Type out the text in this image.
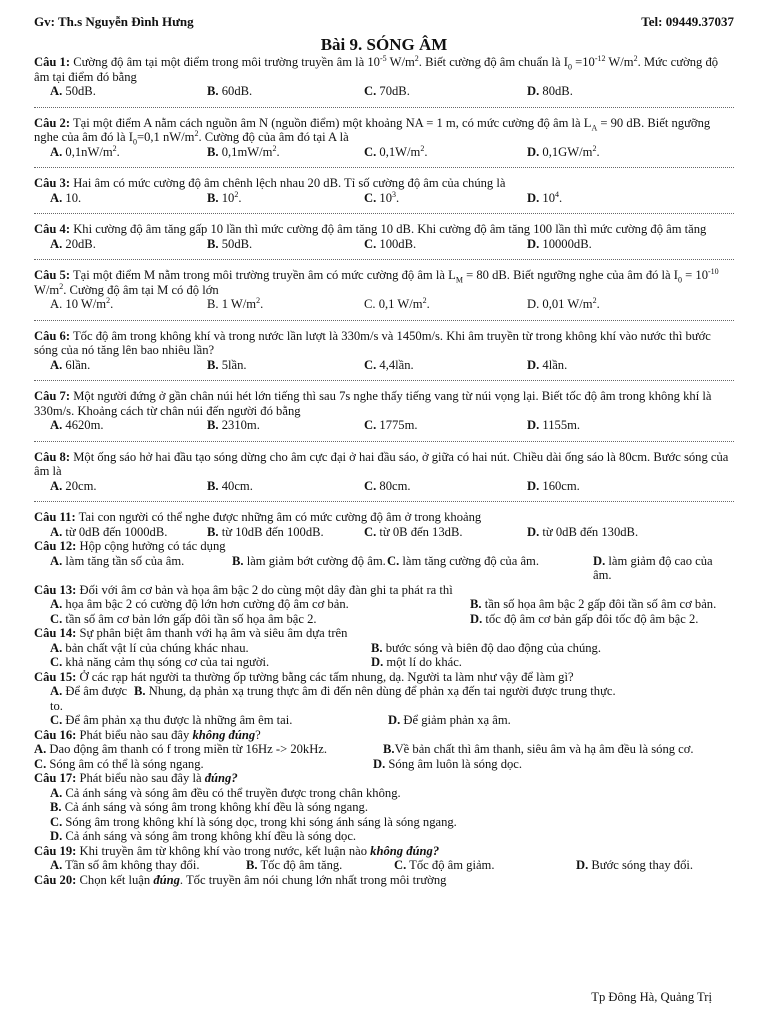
Gv: Th.s Nguyễn Đình Hưng	Tel: 09449.37037
Bài 9. SÓNG ÂM
Câu 1: Cường độ âm tại một điểm trong môi trường truyền âm là $10^{-5}$ $W/m^2$. Biết cường độ âm chuẩn là $I_0 =10^{-12}$ $W/m^2$. Mức cường độ âm tại điểm đó bằng
A. 50dB.	B. 60dB.	C. 70dB.	D. 80dB.
Câu 2: Tại một điểm A nằm cách nguồn âm N (nguồn điểm) một khoảng NA = 1 m, có mức cường độ âm là $L_A = 90$ dB. Biết ngưỡng nghe của âm đó là $I_0=0,1$ $nW/m^2$. Cường độ của âm đó tại A là
A. $0,1nW/m^2$.	B. $0,1mW/m^2$.	C. $0,1W/m^2$.	D. $0,1GW/m^2$.
Câu 3: Hai âm có mức cường độ âm chênh lệch nhau 20 dB. Tỉ số cường độ âm của chúng là
A. 10.	B. $10^2$.	C. $10^3$.	D. $10^4$.
Câu 4: Khi cường độ âm tăng gấp 10 lần thì mức cường độ âm tăng 10 dB. Khi cường độ âm tăng 100 lần thì mức cường độ âm tăng
A. 20dB.	B. 50dB.	C. 100dB.	D. 10000dB.
Câu 5: Tại một điểm M nằm trong môi trường truyền âm có mức cường độ âm là $L_M = 80$ dB. Biết ngưỡng nghe của âm đó là $I_0 = 10^{-10}$ $W/m^2$. Cường độ âm tại M có độ lớn
A. 10 $W/m^2$.	B. 1 $W/m^2$.	C. 0,1 $W/m^2$.	D. 0,01 $W/m^2$.
Câu 6: Tốc độ âm trong không khí và trong nước lần lượt là 330m/s và 1450m/s. Khi âm truyền từ trong không khí vào nước thì bước sóng của nó tăng lên bao nhiêu lần?
A. 6lần.	B. 5lần.	C. 4,4lần.	D. 4lần.
Câu 7: Một người đứng ở gần chân núi hét lớn tiếng thì sau 7s nghe thấy tiếng vang từ núi vọng lại. Biết tốc độ âm trong không khí là 330m/s. Khoảng cách từ chân núi đến người đó bằng
A. 4620m.	B. 2310m.	C. 1775m.	D. 1155m.
Câu 8: Một ống sáo hở hai đầu tạo sóng dừng cho âm cực đại ở hai đầu sáo, ở giữa có hai nút. Chiều dài ống sáo là 80cm. Bước sóng của âm là
A. 20cm.	B. 40cm.	C. 80cm.	D. 160cm.
Câu 11: Tai con người có thể nghe được những âm có mức cường độ âm ở trong khoảng
A. từ 0dB đến 1000dB.	B. từ 10dB đến 100dB.	C. từ 0B đến 13dB.	D. từ 0dB đến 130dB.
Câu 12: Hộp cộng hưởng có tác dụng
A. làm tăng tần số của âm.	B. làm giảm bớt cường độ âm. C. làm tăng cường độ của âm.	D. làm giảm độ cao của âm.
Câu 13: Đối với âm cơ bản và họa âm bậc 2 do cùng một dây đàn ghi ta phát ra thì
A. họa âm bậc 2 có cường độ lớn hơn cường độ âm cơ bản.	B. tần số họa âm bậc 2 gấp đôi tần số âm cơ bản.
C. tần số âm cơ bản lớn gấp đôi tần số họa âm bậc 2.	D. tốc độ âm cơ bản gấp đôi tốc độ âm bậc 2.
Câu 14: Sự phân biệt âm thanh với hạ âm và siêu âm dựa trên
A. bản chất vật lí của chúng khác nhau.	B. bước sóng và biên độ dao động của chúng.
C. khả năng cảm thụ sóng cơ của tai người.	D. một lí do khác.
Câu 15: Ở các rạp hát người ta thường ốp tường bằng các tấm nhung, dạ. Người ta làm như vậy để làm gì?
A. Để âm được to.
B. Nhung, dạ phản xạ trung thực âm đi đến nên dùng để phản xạ đến tai người được trung thực.
C. Để âm phản xạ thu được là những âm êm tai.	D. Để giảm phản xạ âm.
Câu 16: Phát biểu nào sau đây không đúng?
A. Dao động âm thanh có f trong miền từ 16Hz -> 20kHz.	B.Về bản chất thì âm thanh, siêu âm và hạ âm đều là sóng cơ.
C. Sóng âm có thể là sóng ngang.	D. Sóng âm luôn là sóng dọc.
Câu 17: Phát biểu nào sau đây là đúng?
A. Cả ánh sáng và sóng âm đều có thể truyền được trong chân không.
B. Cả ánh sáng và sóng âm trong không khí đều là sóng ngang.
C. Sóng âm trong không khí là sóng dọc, trong khi sóng ánh sáng là sóng ngang.
D. Cả ánh sáng và sóng âm trong không khí đều là sóng dọc.
Câu 19: Khi truyền âm từ không khí vào trong nước, kết luận nào không đúng?
A. Tần số âm không thay đổi.	B. Tốc độ âm tăng.	C. Tốc độ âm giảm.	D. Bước sóng thay đổi.
Câu 20: Chọn kết luận đúng. Tốc truyền âm nói chung lớn nhất trong môi trường
Tp Đông Hà, Quảng Trị
